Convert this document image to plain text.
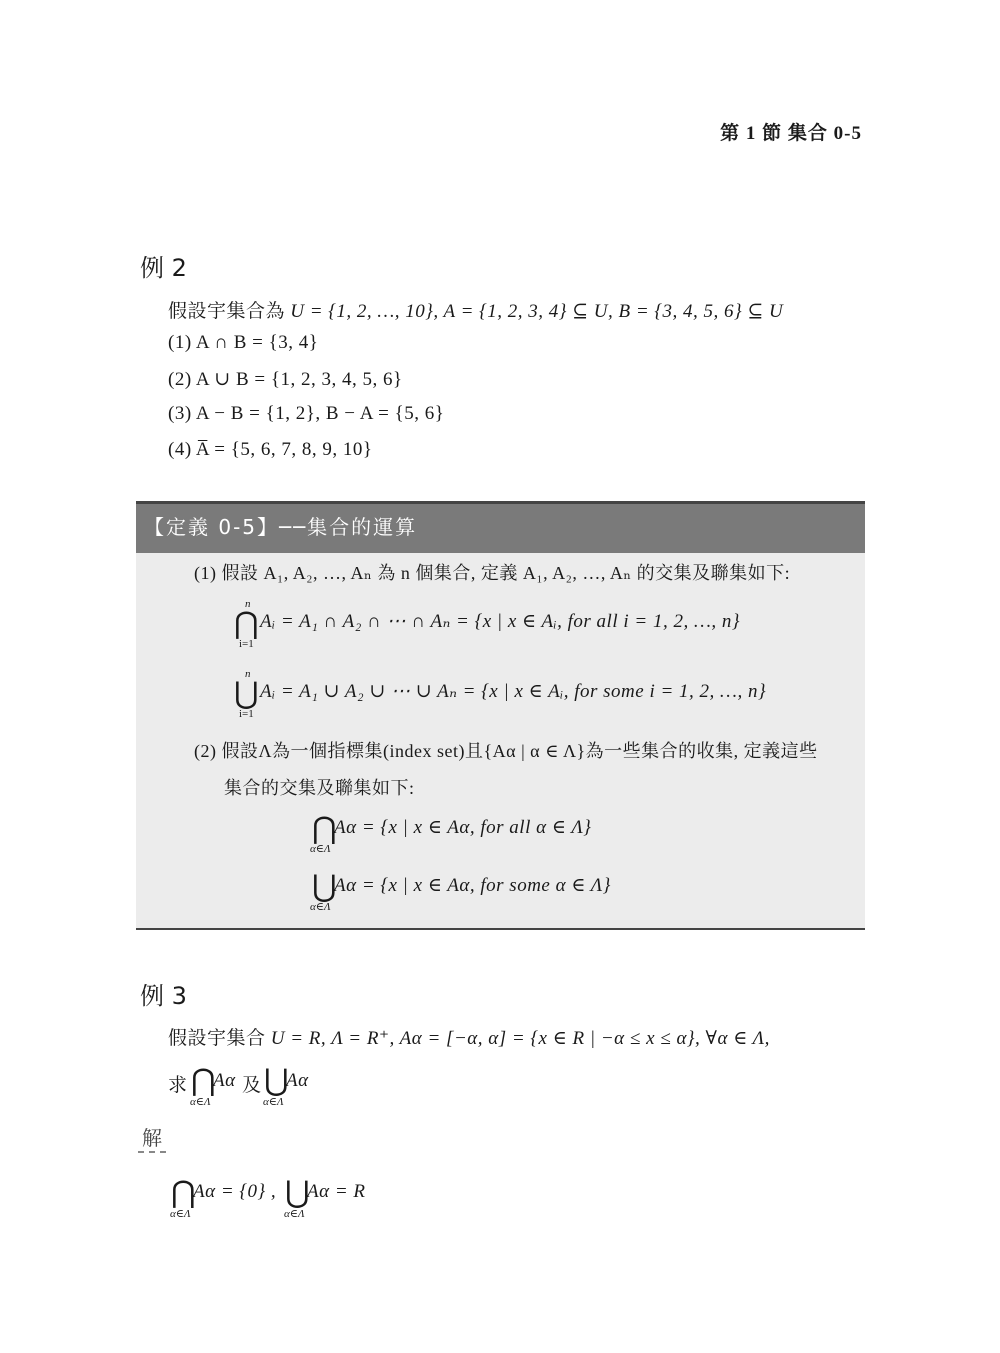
第 1 節 集合 0-5
例 2
假設宇集合為 U = {1, 2, …, 10}, A = {1, 2, 3, 4} ⊆ U, B = {3, 4, 5, 6} ⊆ U
(1) A ∩ B = {3, 4}
(2) A ∪ B = {1, 2, 3, 4, 5, 6}
(3) A − B = {1, 2}, B − A = {5, 6}
(4) A̅ = {5, 6, 7, 8, 9, 10}
【定義 0-5】──集合的運算
(1) 假設 A₁, A₂, …, Aₙ 為 n 個集合, 定義 A₁, A₂, …, Aₙ 的交集及聯集如下:
n
⋂
i=1
Aᵢ = A₁ ∩ A₂ ∩ ⋯ ∩ Aₙ = {x | x ∈ Aᵢ, for all i = 1, 2, …, n}
n
⋃
i=1
Aᵢ = A₁ ∪ A₂ ∪ ⋯ ∪ Aₙ = {x | x ∈ Aᵢ, for some i = 1, 2, …, n}
(2) 假設Λ為一個指標集(index set)且{Aα | α ∈ Λ}為一些集合的收集, 定義這些
集合的交集及聯集如下:
⋂
α∈Λ
Aα = {x | x ∈ Aα, for all α ∈ Λ}
⋃
α∈Λ
Aα = {x | x ∈ Aα, for some α ∈ Λ}
例 3
假設宇集合 U = R, Λ = R⁺, Aα = [−α, α] = {x ∈ R | −α ≤ x ≤ α}, ∀α ∈ Λ,
求 ⋂
α∈Λ
Aα 及 ⋃
α∈Λ
Aα
解
⋂
α∈Λ
Aα = {0} , ⋃
α∈Λ
Aα = R
